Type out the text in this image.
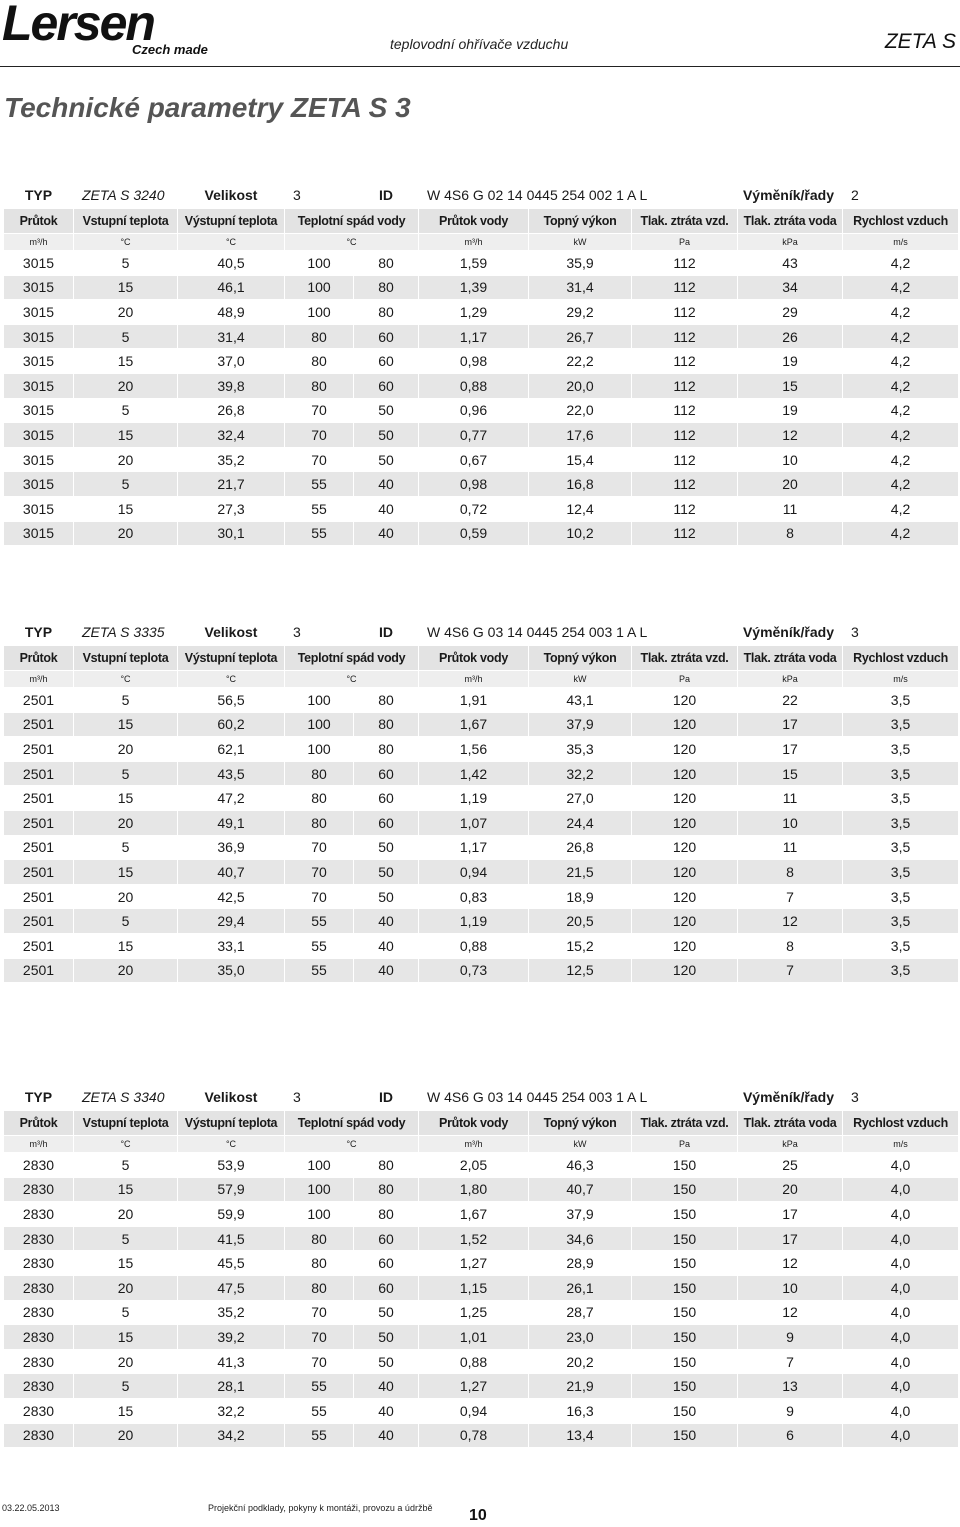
Lersen
Czech made	teplovodní ohřívače vzduchu	ZETA S
Technické parametry ZETA S 3
TYP	ZETA S 3240	Velikost	3	ID	W 4S6 G 02 14 0445 254 002 1 A L			Výměník/řady	2
Průtok	Vstupní teplota	Výstupní teplota	Teplotní spád vody		Průtok vody	Topný výkon	Tlak. ztráta vzd.	Tlak. ztráta voda	Rychlost vzduch
m³/h	°C	°C	°C		m³/h	kW	Pa	kPa	m/s
3015	5	40,5	100	80	1,59	35,9	112	43	4,2
3015	15	46,1	100	80	1,39	31,4	112	34	4,2
3015	20	48,9	100	80	1,29	29,2	112	29	4,2
3015	5	31,4	80	60	1,17	26,7	112	26	4,2
3015	15	37,0	80	60	0,98	22,2	112	19	4,2
3015	20	39,8	80	60	0,88	20,0	112	15	4,2
3015	5	26,8	70	50	0,96	22,0	112	19	4,2
3015	15	32,4	70	50	0,77	17,6	112	12	4,2
3015	20	35,2	70	50	0,67	15,4	112	10	4,2
3015	5	21,7	55	40	0,98	16,8	112	20	4,2
3015	15	27,3	55	40	0,72	12,4	112	11	4,2
3015	20	30,1	55	40	0,59	10,2	112	8	4,2
TYP	ZETA S 3335	Velikost	3	ID	W 4S6 G 03 14 0445 254 003 1 A L			Výměník/řady	3
Průtok	Vstupní teplota	Výstupní teplota	Teplotní spád vody		Průtok vody	Topný výkon	Tlak. ztráta vzd.	Tlak. ztráta voda	Rychlost vzduch
m³/h	°C	°C	°C		m³/h	kW	Pa	kPa	m/s
2501	5	56,5	100	80	1,91	43,1	120	22	3,5
2501	15	60,2	100	80	1,67	37,9	120	17	3,5
2501	20	62,1	100	80	1,56	35,3	120	17	3,5
2501	5	43,5	80	60	1,42	32,2	120	15	3,5
2501	15	47,2	80	60	1,19	27,0	120	11	3,5
2501	20	49,1	80	60	1,07	24,4	120	10	3,5
2501	5	36,9	70	50	1,17	26,8	120	11	3,5
2501	15	40,7	70	50	0,94	21,5	120	8	3,5
2501	20	42,5	70	50	0,83	18,9	120	7	3,5
2501	5	29,4	55	40	1,19	20,5	120	12	3,5
2501	15	33,1	55	40	0,88	15,2	120	8	3,5
2501	20	35,0	55	40	0,73	12,5	120	7	3,5
TYP	ZETA S 3340	Velikost	3	ID	W 4S6 G 03 14 0445 254 003 1 A L			Výměník/řady	3
Průtok	Vstupní teplota	Výstupní teplota	Teplotní spád vody		Průtok vody	Topný výkon	Tlak. ztráta vzd.	Tlak. ztráta voda	Rychlost vzduch
m³/h	°C	°C	°C		m³/h	kW	Pa	kPa	m/s
2830	5	53,9	100	80	2,05	46,3	150	25	4,0
2830	15	57,9	100	80	1,80	40,7	150	20	4,0
2830	20	59,9	100	80	1,67	37,9	150	17	4,0
2830	5	41,5	80	60	1,52	34,6	150	17	4,0
2830	15	45,5	80	60	1,27	28,9	150	12	4,0
2830	20	47,5	80	60	1,15	26,1	150	10	4,0
2830	5	35,2	70	50	1,25	28,7	150	12	4,0
2830	15	39,2	70	50	1,01	23,0	150	9	4,0
2830	20	41,3	70	50	0,88	20,2	150	7	4,0
2830	5	28,1	55	40	1,27	21,9	150	13	4,0
2830	15	32,2	55	40	0,94	16,3	150	9	4,0
2830	20	34,2	55	40	0,78	13,4	150	6	4,0
03.22.05.2013	Projekční podklady, pokyny k montáži, provozu a údržbě 10
